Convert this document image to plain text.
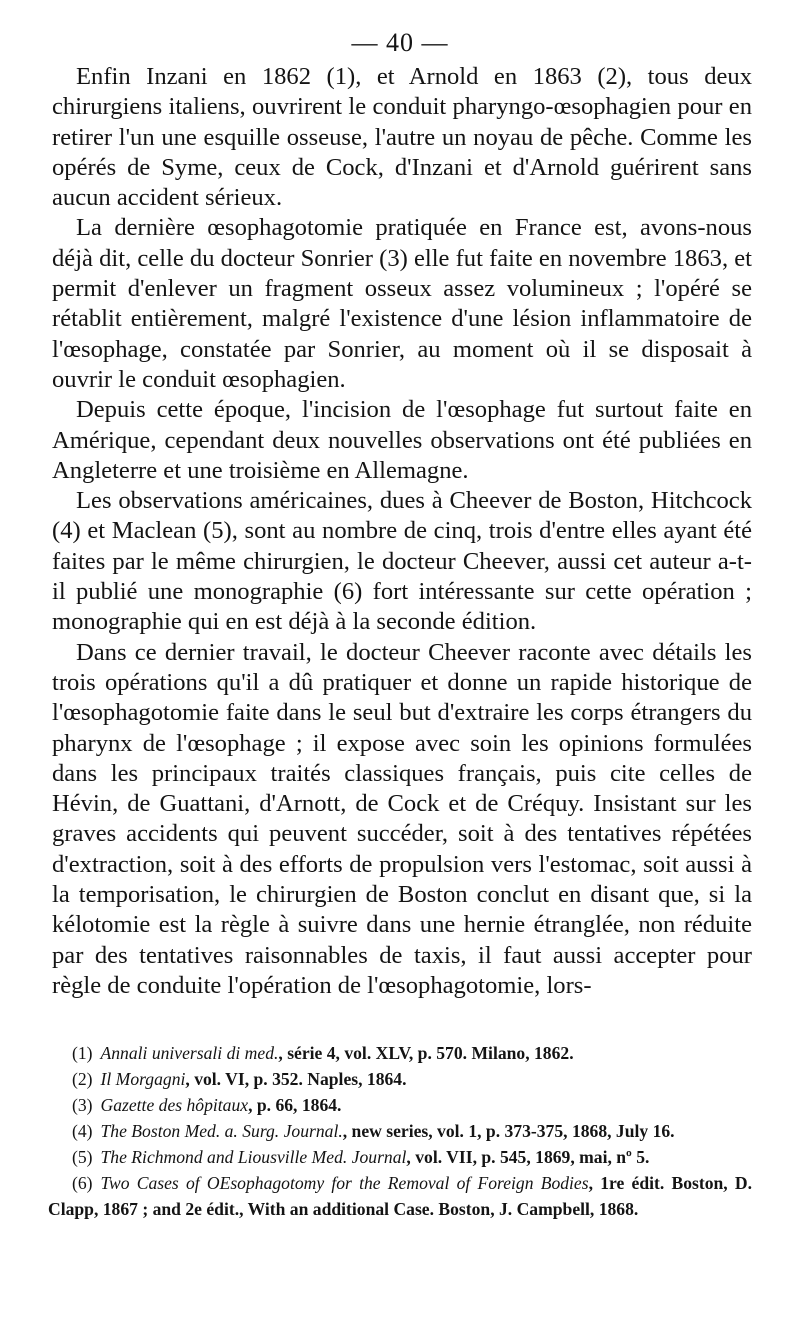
— 40 —

Enfin Inzani en 1862 (1), et Arnold en 1863 (2), tous deux chirurgiens italiens, ouvrirent le conduit pharyngo-œsophagien pour en retirer l'un une esquille osseuse, l'autre un noyau de pêche. Comme les opérés de Syme, ceux de Cock, d'Inzani et d'Arnold guérirent sans aucun accident sérieux.

La dernière œsophagotomie pratiquée en France est, avons-nous déjà dit, celle du docteur Sonrier (3) elle fut faite en novembre 1863, et permit d'enlever un fragment osseux assez volumineux ; l'opéré se rétablit entièrement, malgré l'existence d'une lésion inflammatoire de l'œsophage, constatée par Sonrier, au moment où il se disposait à ouvrir le conduit œsophagien.

Depuis cette époque, l'incision de l'œsophage fut surtout faite en Amérique, cependant deux nouvelles observations ont été publiées en Angleterre et une troisième en Allemagne.

Les observations américaines, dues à Cheever de Boston, Hitchcock (4) et Maclean (5), sont au nombre de cinq, trois d'entre elles ayant été faites par le même chirurgien, le docteur Cheever, aussi cet auteur a-t-il publié une monographie (6) fort intéressante sur cette opération ; monographie qui en est déjà à la seconde édition.

Dans ce dernier travail, le docteur Cheever raconte avec détails les trois opérations qu'il a dû pratiquer et donne un rapide historique de l'œsophagotomie faite dans le seul but d'extraire les corps étrangers du pharynx de l'œsophage ; il expose avec soin les opinions formulées dans les principaux traités classiques français, puis cite celles de Hévin, de Guattani, d'Arnott, de Cock et de Créquy. Insistant sur les graves accidents qui peuvent succéder, soit à des tentatives répétées d'extraction, soit à des efforts de propulsion vers l'estomac, soit aussi à la temporisation, le chirurgien de Boston conclut en disant que, si la kélotomie est la règle à suivre dans une hernie étranglée, non réduite par des tentatives raisonnables de taxis, il faut aussi accepter pour règle de conduite l'opération de l'œsophagotomie, lors-

(1) Annali universali di med., série 4, vol. XLV, p. 570. Milano, 1862.

(2) Il Morgagni, vol. VI, p. 352. Naples, 1864.

(3) Gazette des hôpitaux, p. 66, 1864.

(4) The Boston Med. a. Surg. Journal., new series, vol. 1, p. 373-375, 1868, July 16.

(5) The Richmond and Liousville Med. Journal, vol. VII, p. 545, 1869, mai, nº 5.

(6) Two Cases of OEsophagotomy for the Removal of Foreign Bodies, 1re édit. Boston, D. Clapp, 1867 ; and 2e édit., With an additional Case. Boston, J. Campbell, 1868.
